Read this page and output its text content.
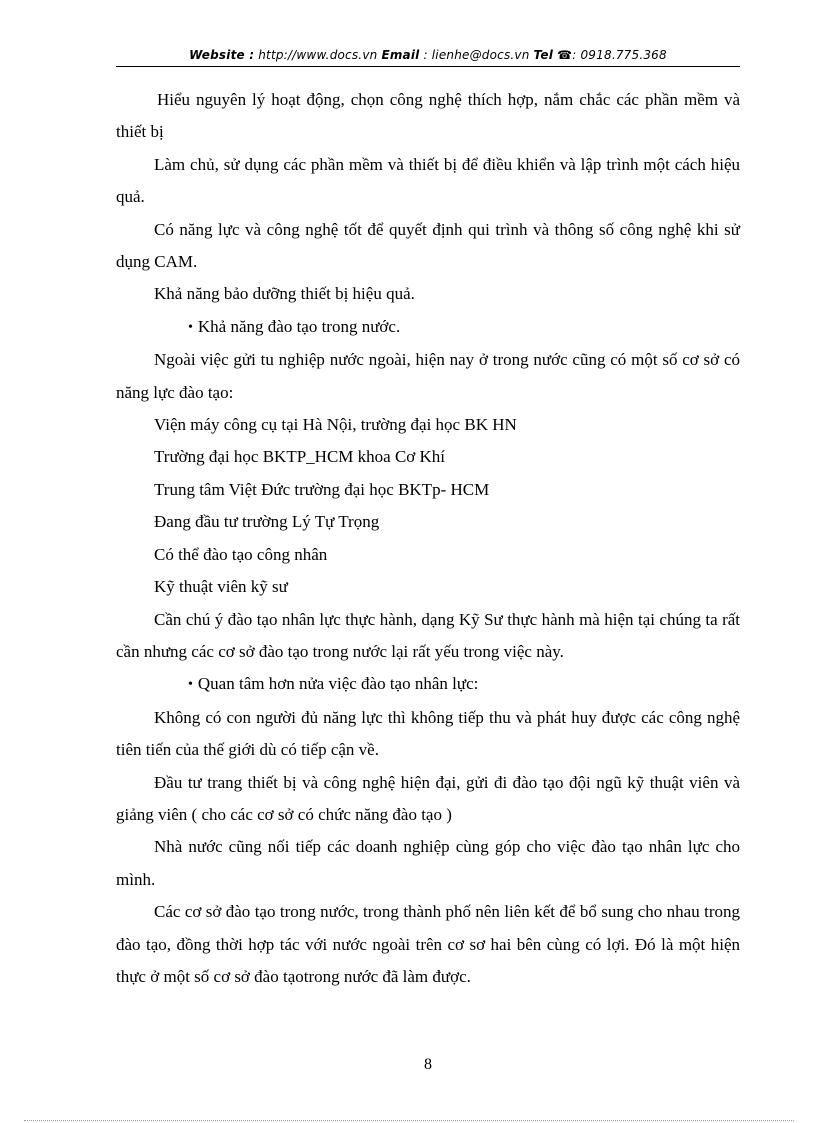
Website : http://www.docs.vn Email : lienhe@docs.vn Tel ☎: 0918.775.368

Hiểu nguyên lý hoạt động, chọn công nghệ thích hợp, nắm chắc các phần mềm và thiết bị

Làm chủ, sử dụng các phần mềm và thiết bị để điều khiển và lập trình một cách hiệu quả.

Có năng lực và công nghệ tốt để quyết định qui trình và thông số công nghệ khi sử dụng CAM.

Khả năng bảo dưỡng thiết bị hiệu quả.

• Khả năng đào tạo trong nước.

Ngoài việc gửi tu nghiệp nước ngoài, hiện nay ở trong nước cũng có một số cơ sở có năng lực đào tạo:

Viện máy công cụ tại Hà Nội, trường đại học BK HN

Trường đại học BKTP_HCM khoa Cơ Khí

Trung tâm Việt Đức trường đại học BKTp- HCM

Đang đầu tư trường Lý Tự Trọng

Có thể đào tạo công nhân

Kỹ thuật viên kỹ sư

Cần chú ý đào tạo nhân lực thực hành, dạng Kỹ Sư thực hành mà hiện tại chúng ta rất cần nhưng các cơ sở đào tạo trong nước lại rất yếu trong việc này.

• Quan tâm hơn nửa việc đào tạo nhân lực:

Không có con người đủ năng lực thì không tiếp thu và phát huy được các công nghệ tiên tiến của thế giới dù có tiếp cận về.

Đầu tư trang thiết bị và công nghệ hiện đại, gửi đi đào tạo đội ngũ kỹ thuật viên và giảng viên ( cho các cơ sở có chức năng đào tạo )

Nhà nước cũng nối tiếp các doanh nghiệp cùng góp cho việc đào tạo nhân lực cho mình.

Các cơ sở đào tạo trong nước, trong thành phố nên liên kết để bổ sung cho nhau trong đào tạo, đồng thời hợp tác với nước ngoài trên cơ sơ hai bên cùng có lợi. Đó là một hiện thực ở một số cơ sở đào tạotrong nước đã làm được.

8
